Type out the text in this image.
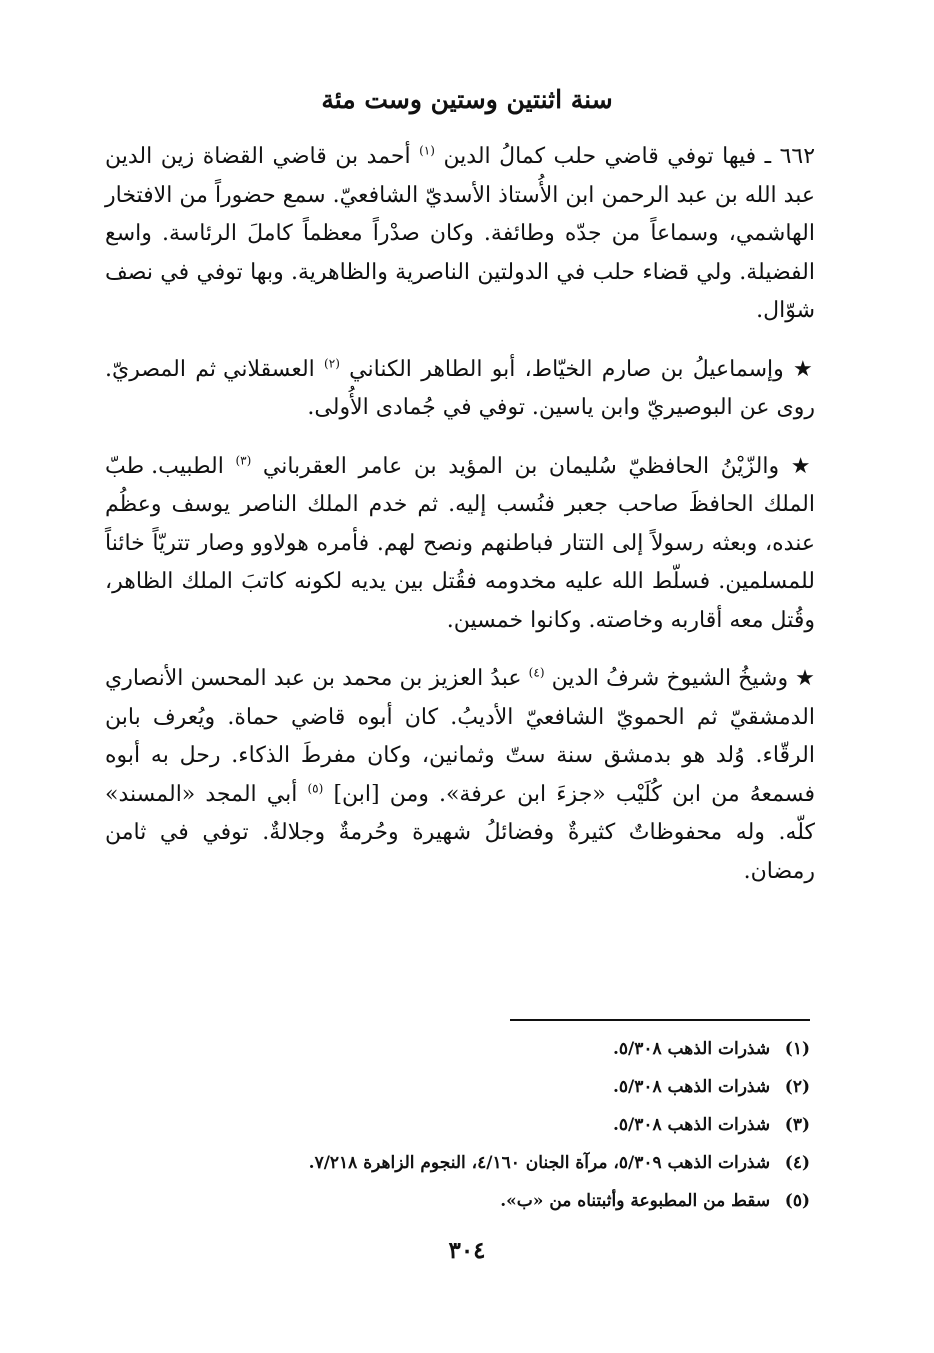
سنة اثنتين وستين وست مئة

٦٦٢ ـ فيها توفي قاضي حلب كمالُ الدين $^{(١)}$ أحمد بن قاضي القضاة زين الدين عبد الله بن عبد الرحمن ابن الأُستاذ الأسديّ الشافعيّ. سمع حضوراً من الافتخار الهاشمي، وسماعاً من جدّه وطائفة. وكان صدْراً معظماً كاملَ الرئاسة. واسع الفضيلة. ولي قضاء حلب في الدولتين الناصرية والظاهرية. وبها توفي في نصف شوّال.

★ وإسماعيلُ بن صارم الخيّاط، أبو الطاهر الكناني $^{(٢)}$ العسقلاني ثم المصريّ. روى عن البوصيريّ وابن ياسين. توفي في جُمادى الأُولى.

★ والزّيْنُ الحافظيّ سُليمان بن المؤيد بن عامر العقرباني $^{(٣)}$ الطبيب. طبّ الملك الحافظَ صاحب جعبر فنُسب إليه. ثم خدم الملك الناصر يوسف وعظُم عنده، وبعثه رسولاً إلى التتار فباطنهم ونصح لهم. فأمره هولاوو وصار تتريّاً خائناً للمسلمين. فسلّط الله عليه مخدومه فقُتل بين يديه لكونه كاتبَ الملك الظاهر، وقُتل معه أقاربه وخاصته. وكانوا خمسين.

★ وشيخُ الشيوخ شرفُ الدين $^{(٤)}$ عبدُ العزيز بن محمد بن عبد المحسن الأنصاري الدمشقيّ ثم الحمويّ الشافعيّ الأديبُ. كان أبوه قاضي حماة. ويُعرف بابن الرقّاء. وُلد هو بدمشق سنة ستّ وثمانين، وكان مفرطَ الذكاء. رحل به أبوه فسمعهُ من ابن كُلَيْب «جزءَ ابن عرفة». ومن [ابن] $^{(٥)}$ أبي المجد «المسند» كلّه. وله محفوظاتٌ كثيرةٌ وفضائلُ شهيرة وحُرمةٌ وجلالةٌ. توفي في ثامن رمضان.

(١) شذرات الذهب ٥/٣٠٨.
(٢) شذرات الذهب ٥/٣٠٨.
(٣) شذرات الذهب ٥/٣٠٨.
(٤) شذرات الذهب ٥/٣٠٩، مرآة الجنان ٤/١٦٠، النجوم الزاهرة ٧/٢١٨.
(٥) سقط من المطبوعة وأثبتناه من «ب».
٣٠٤
